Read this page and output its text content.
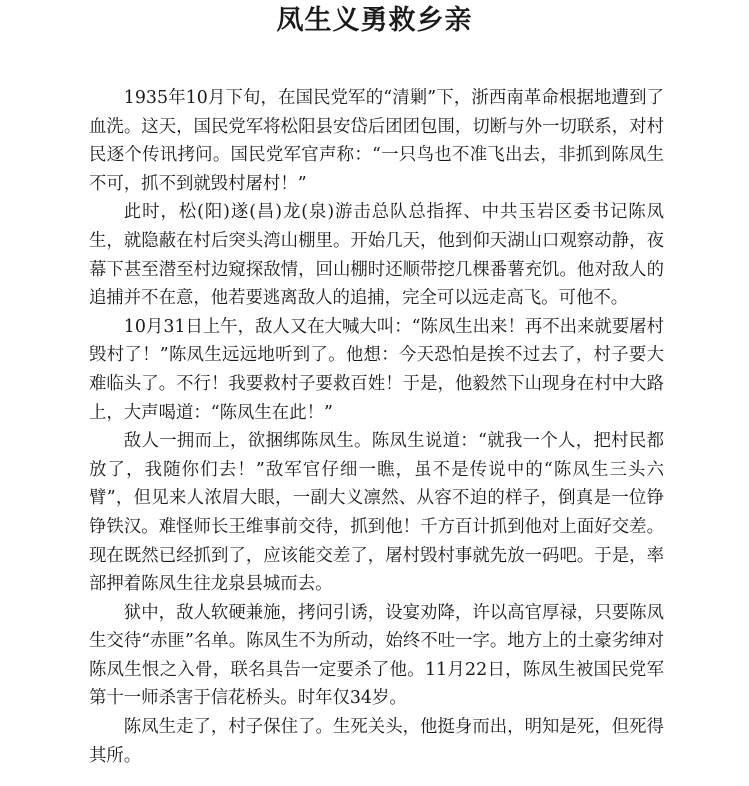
凤生义勇救乡亲

1935年10月下旬，在国民党军的“清剿”下，浙西南革命根据地遭到了血洗。这天，国民党军将松阳县安岱后团团包围，切断与外一切联系，对村民逐个传讯拷问。国民党军官声称：“一只鸟也不准飞出去，非抓到陈凤生不可，抓不到就毁村屠村！”

此时，松(阳)遂(昌)龙(泉)游击总队总指挥、中共玉岩区委书记陈凤生，就隐蔽在村后突头湾山棚里。开始几天，他到仰天湖山口观察动静，夜幕下甚至潜至村边窥探敌情，回山棚时还顺带挖几棵番薯充饥。他对敌人的追捕并不在意，他若要逃离敌人的追捕，完全可以远走高飞。可他不。

10月31日上午，敌人又在大喊大叫：“陈凤生出来！再不出来就要屠村毁村了！”陈凤生远远地听到了。他想：今天恐怕是挨不过去了，村子要大难临头了。不行！我要救村子要救百姓！于是，他毅然下山现身在村中大路上，大声喝道：“陈凤生在此！”

敌人一拥而上，欲捆绑陈凤生。陈凤生说道：“就我一个人，把村民都放了，我随你们去！”敌军官仔细一瞧，虽不是传说中的“陈凤生三头六臂”，但见来人浓眉大眼，一副大义凛然、从容不迫的样子，倒真是一位铮铮铁汉。难怪师长王维事前交待，抓到他！千方百计抓到他对上面好交差。现在既然已经抓到了，应该能交差了，屠村毁村事就先放一码吧。于是，率部押着陈凤生往龙泉县城而去。

狱中，敌人软硬兼施，拷问引诱，设宴劝降，许以高官厚禄，只要陈凤生交待“赤匪”名单。陈凤生不为所动，始终不吐一字。地方上的土豪劣绅对陈凤生恨之入骨，联名具告一定要杀了他。11月22日，陈凤生被国民党军第十一师杀害于信花桥头。时年仅34岁。

陈凤生走了，村子保住了。生死关头，他挺身而出，明知是死，但死得其所。
